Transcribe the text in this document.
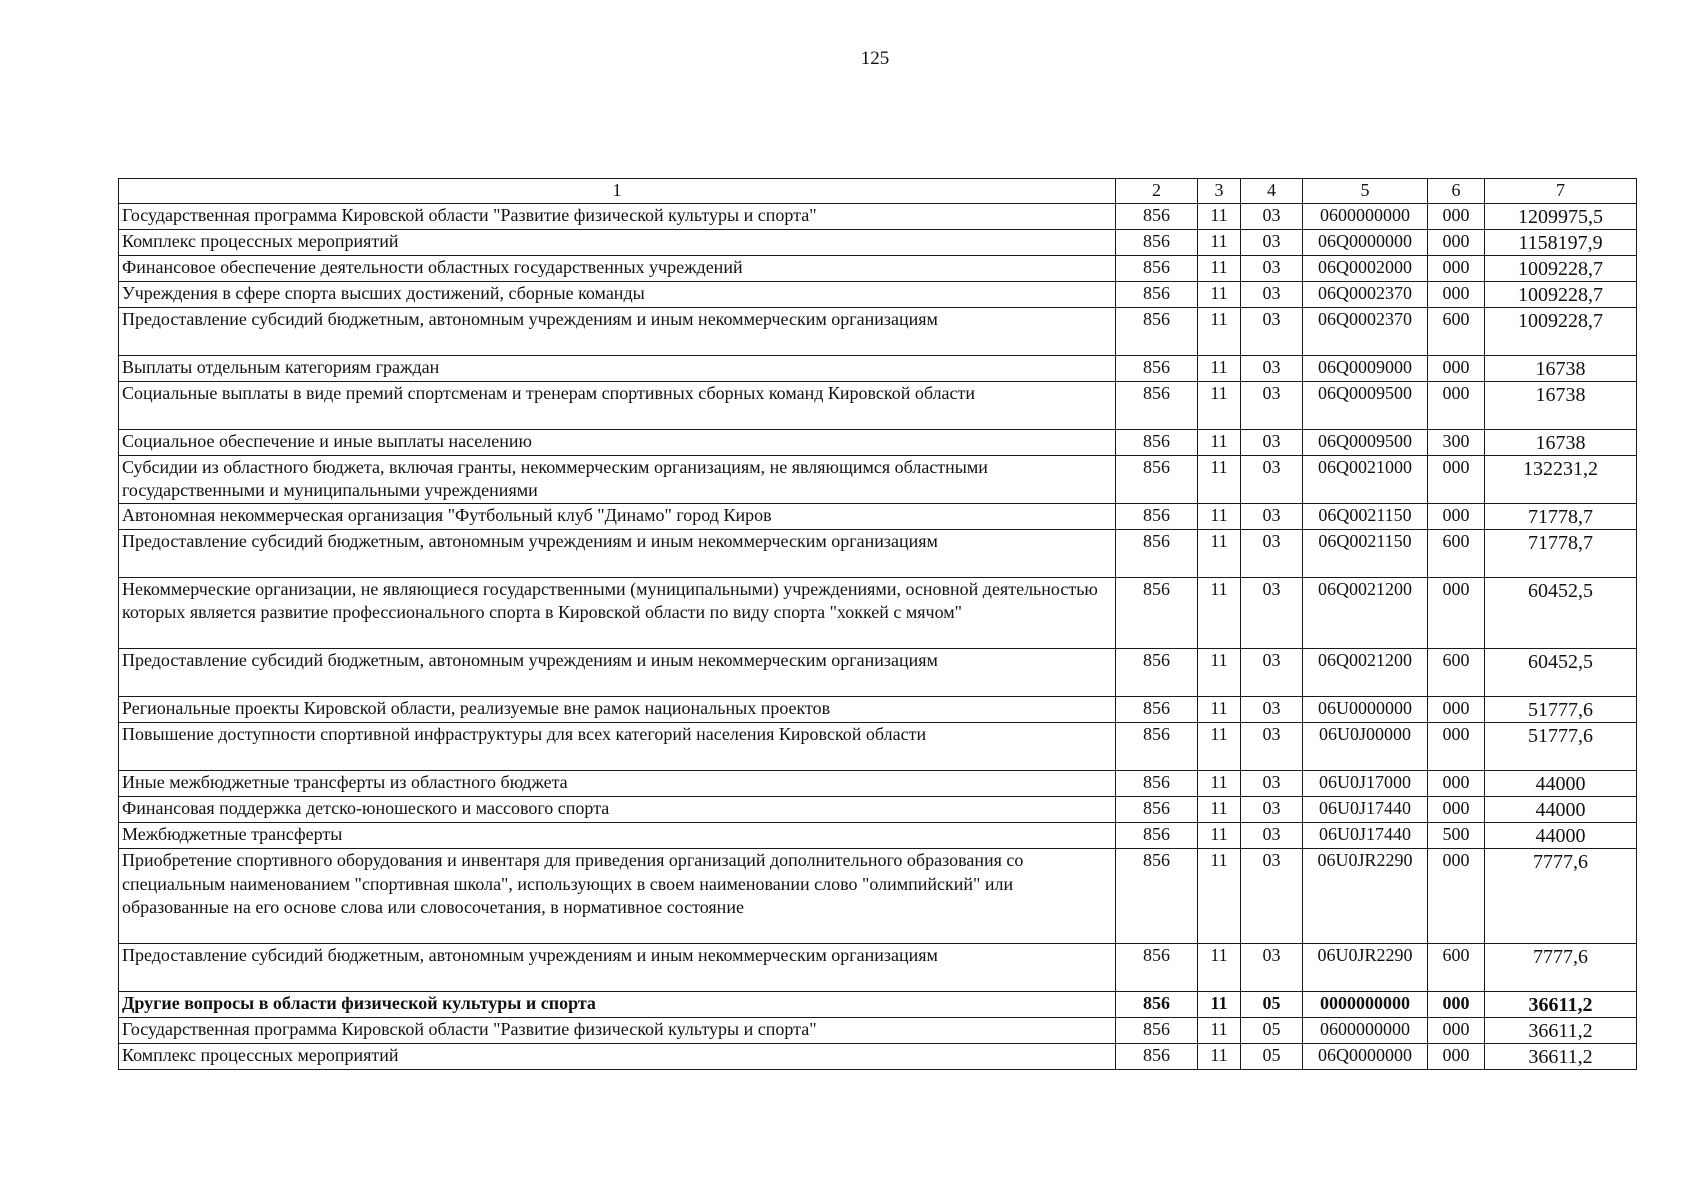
125
1	2	3	4	5	6	7
Государственная программа Кировской области "Развитие физической культуры и спорта"	856	11	03	0600000000	000	1209975,5
Комплекс процессных мероприятий	856	11	03	06Q0000000	000	1158197,9
Финансовое обеспечение деятельности областных государственных учреждений	856	11	03	06Q0002000	000	1009228,7
Учреждения в сфере спорта высших достижений, сборные команды	856	11	03	06Q0002370	000	1009228,7
Предоставление субсидий бюджетным, автономным учреждениям и иным некоммерческим организациям	856	11	03	06Q0002370	600	1009228,7
Выплаты отдельным категориям граждан	856	11	03	06Q0009000	000	16738
Социальные выплаты в виде премий спортсменам и тренерам спортивных сборных команд Кировской области	856	11	03	06Q0009500	000	16738
Социальное обеспечение и иные выплаты населению	856	11	03	06Q0009500	300	16738
Субсидии из областного бюджета, включая гранты, некоммерческим организациям, не являющимся областными государственными и муниципальными учреждениями	856	11	03	06Q0021000	000	132231,2
Автономная некоммерческая организация "Футбольный клуб "Динамо" город Киров	856	11	03	06Q0021150	000	71778,7
Предоставление субсидий бюджетным, автономным учреждениям и иным некоммерческим организациям	856	11	03	06Q0021150	600	71778,7
Некоммерческие организации, не являющиеся государственными (муниципальными) учреждениями, основной деятельностью которых является развитие профессионального спорта в Кировской области по виду спорта "хоккей с мячом"	856	11	03	06Q0021200	000	60452,5
Предоставление субсидий бюджетным, автономным учреждениям и иным некоммерческим организациям	856	11	03	06Q0021200	600	60452,5
Региональные проекты Кировской области, реализуемые вне рамок национальных проектов	856	11	03	06U0000000	000	51777,6
Повышение доступности спортивной инфраструктуры для всех категорий населения Кировской области	856	11	03	06U0J00000	000	51777,6
Иные межбюджетные трансферты из областного бюджета	856	11	03	06U0J17000	000	44000
Финансовая поддержка детско-юношеского и массового спорта	856	11	03	06U0J17440	000	44000
Межбюджетные трансферты	856	11	03	06U0J17440	500	44000
Приобретение спортивного оборудования и инвентаря для приведения организаций дополнительного образования со специальным наименованием "спортивная школа", использующих в своем наименовании слово "олимпийский" или образованные на его основе слова или словосочетания, в нормативное состояние	856	11	03	06U0JR2290	000	7777,6
Предоставление субсидий бюджетным, автономным учреждениям и иным некоммерческим организациям	856	11	03	06U0JR2290	600	7777,6
Другие вопросы в области физической культуры и спорта	856	11	05	0000000000	000	36611,2
Государственная программа Кировской области "Развитие физической культуры и спорта"	856	11	05	0600000000	000	36611,2
Комплекс процессных мероприятий	856	11	05	06Q0000000	000	36611,2
